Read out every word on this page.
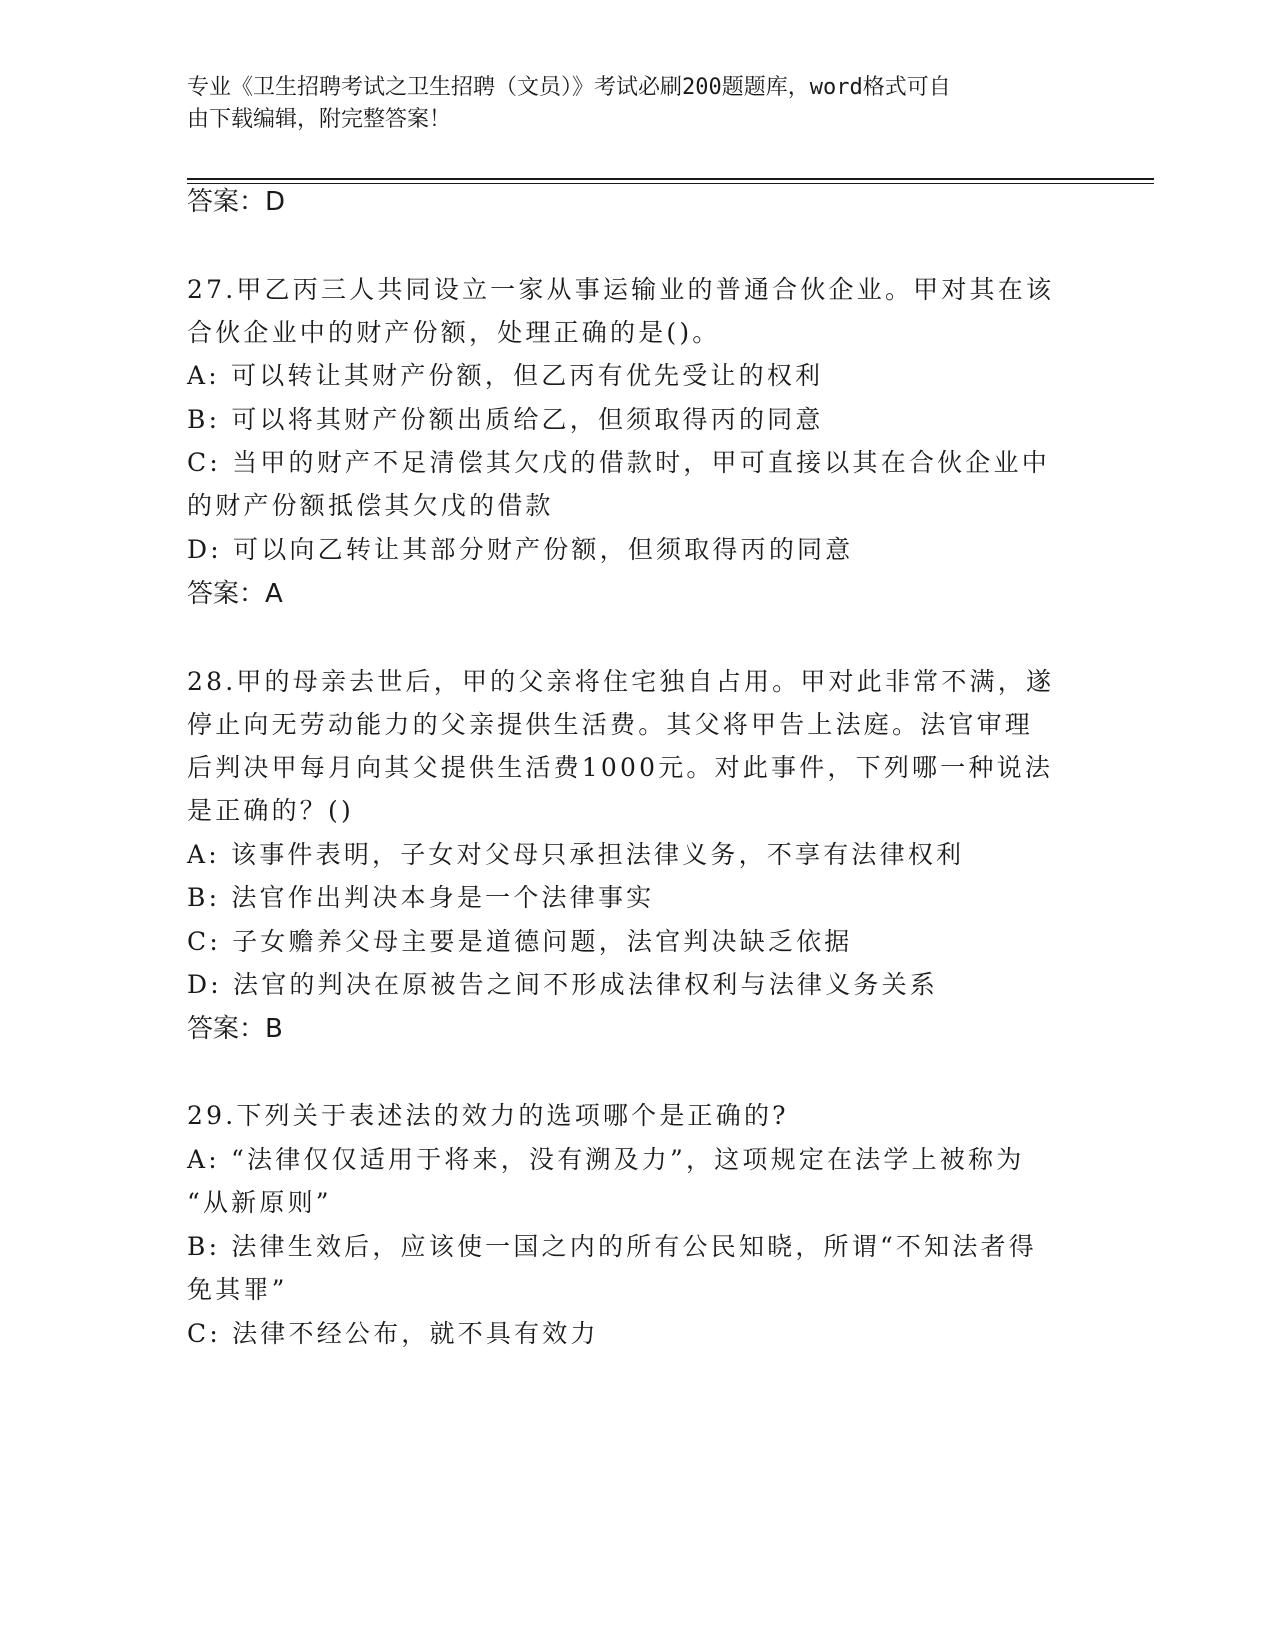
专业《卫生招聘考试之卫生招聘（文员）》考试必刷200题题库，word格式可自
由下载编辑，附完整答案！
答案：D
27.甲乙丙三人共同设立一家从事运输业的普通合伙企业。甲对其在该
合伙企业中的财产份额，处理正确的是()。
A: 可以转让其财产份额，但乙丙有优先受让的权利
B: 可以将其财产份额出质给乙，但须取得丙的同意
C: 当甲的财产不足清偿其欠戊的借款时，甲可直接以其在合伙企业中
的财产份额抵偿其欠戊的借款
D: 可以向乙转让其部分财产份额，但须取得丙的同意
答案：A
28.甲的母亲去世后，甲的父亲将住宅独自占用。甲对此非常不满，遂
停止向无劳动能力的父亲提供生活费。其父将甲告上法庭。法官审理
后判决甲每月向其父提供生活费1000元。对此事件，下列哪一种说法
是正确的？()
A: 该事件表明，子女对父母只承担法律义务，不享有法律权利
B: 法官作出判决本身是一个法律事实
C: 子女赡养父母主要是道德问题，法官判决缺乏依据
D: 法官的判决在原被告之间不形成法律权利与法律义务关系
答案：B
29.下列关于表述法的效力的选项哪个是正确的?
A: “法律仅仅适用于将来，没有溯及力”，这项规定在法学上被称为
“从新原则”
B: 法律生效后，应该使一国之内的所有公民知晓，所谓“不知法者得
免其罪”
C: 法律不经公布，就不具有效力
